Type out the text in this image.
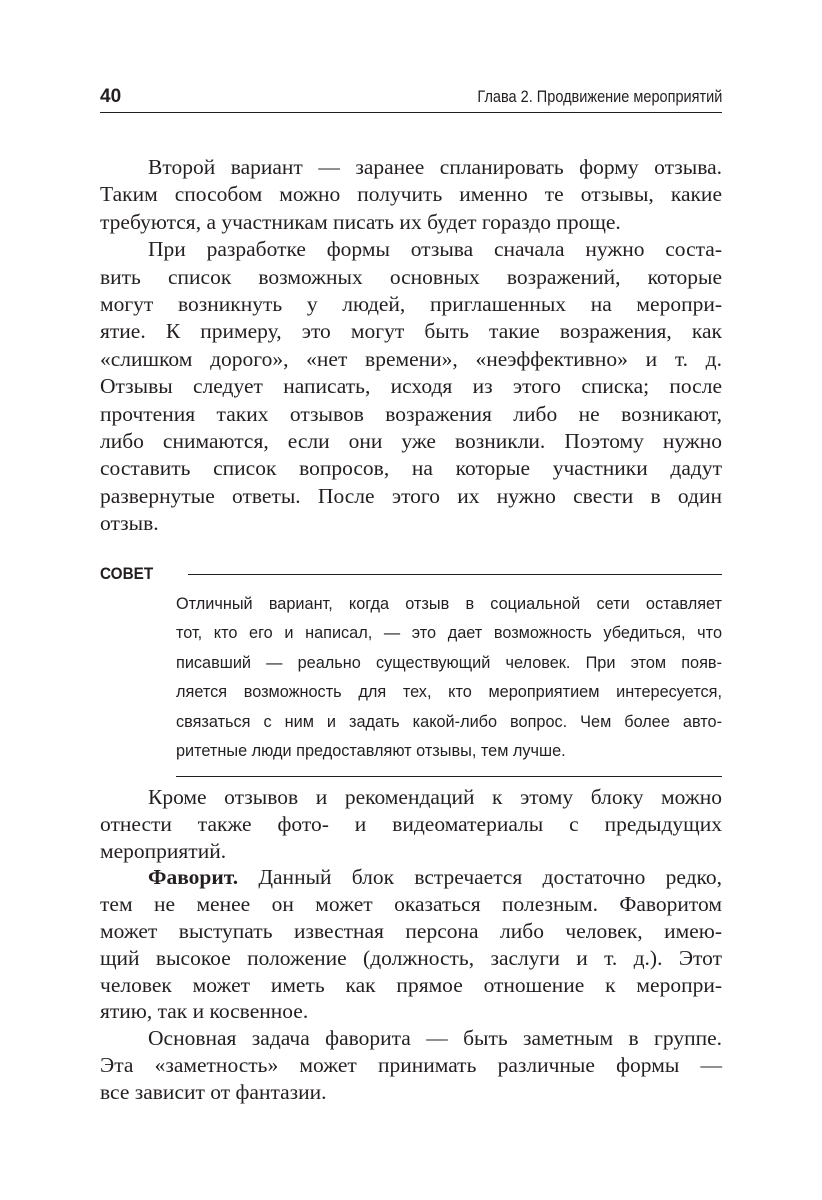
40	Глава 2. Продвижение мероприятий
Второй вариант — заранее спланировать форму отзыва.
Таким способом можно получить именно те отзывы, какие
требуются, а участникам писать их будет гораздо проще.
При разработке формы отзыва сначала нужно соста-
вить список возможных основных возражений, которые
могут возникнуть у людей, приглашенных на меропри-
ятие. К примеру, это могут быть такие возражения, как
«слишком дорого», «нет времени», «неэффективно» и т. д.
Отзывы следует написать, исходя из этого списка; после
прочтения таких отзывов возражения либо не возникают,
либо снимаются, если они уже возникли. Поэтому нужно
составить список вопросов, на которые участники дадут
развернутые ответы. После этого их нужно свести в один
отзыв.
СОВЕТ
Отличный вариант, когда отзыв в социальной сети оставляет
тот, кто его и написал, — это дает возможность убедиться, что
писавший — реально существующий человек. При этом появ-
ляется возможность для тех, кто мероприятием интересуется,
связаться с ним и задать какой-либо вопрос. Чем более авто-
ритетные люди предоставляют отзывы, тем лучше.
Кроме отзывов и рекомендаций к этому блоку можно
отнести также фото- и видеоматериалы с предыдущих
мероприятий.
Фаворит. Данный блок встречается достаточно редко,
тем не менее он может оказаться полезным. Фаворитом
может выступать известная персона либо человек, имею-
щий высокое положение (должность, заслуги и т. д.). Этот
человек может иметь как прямое отношение к меропри-
ятию, так и косвенное.
Основная задача фаворита — быть заметным в группе.
Эта «заметность» может принимать различные формы —
все зависит от фантазии.
